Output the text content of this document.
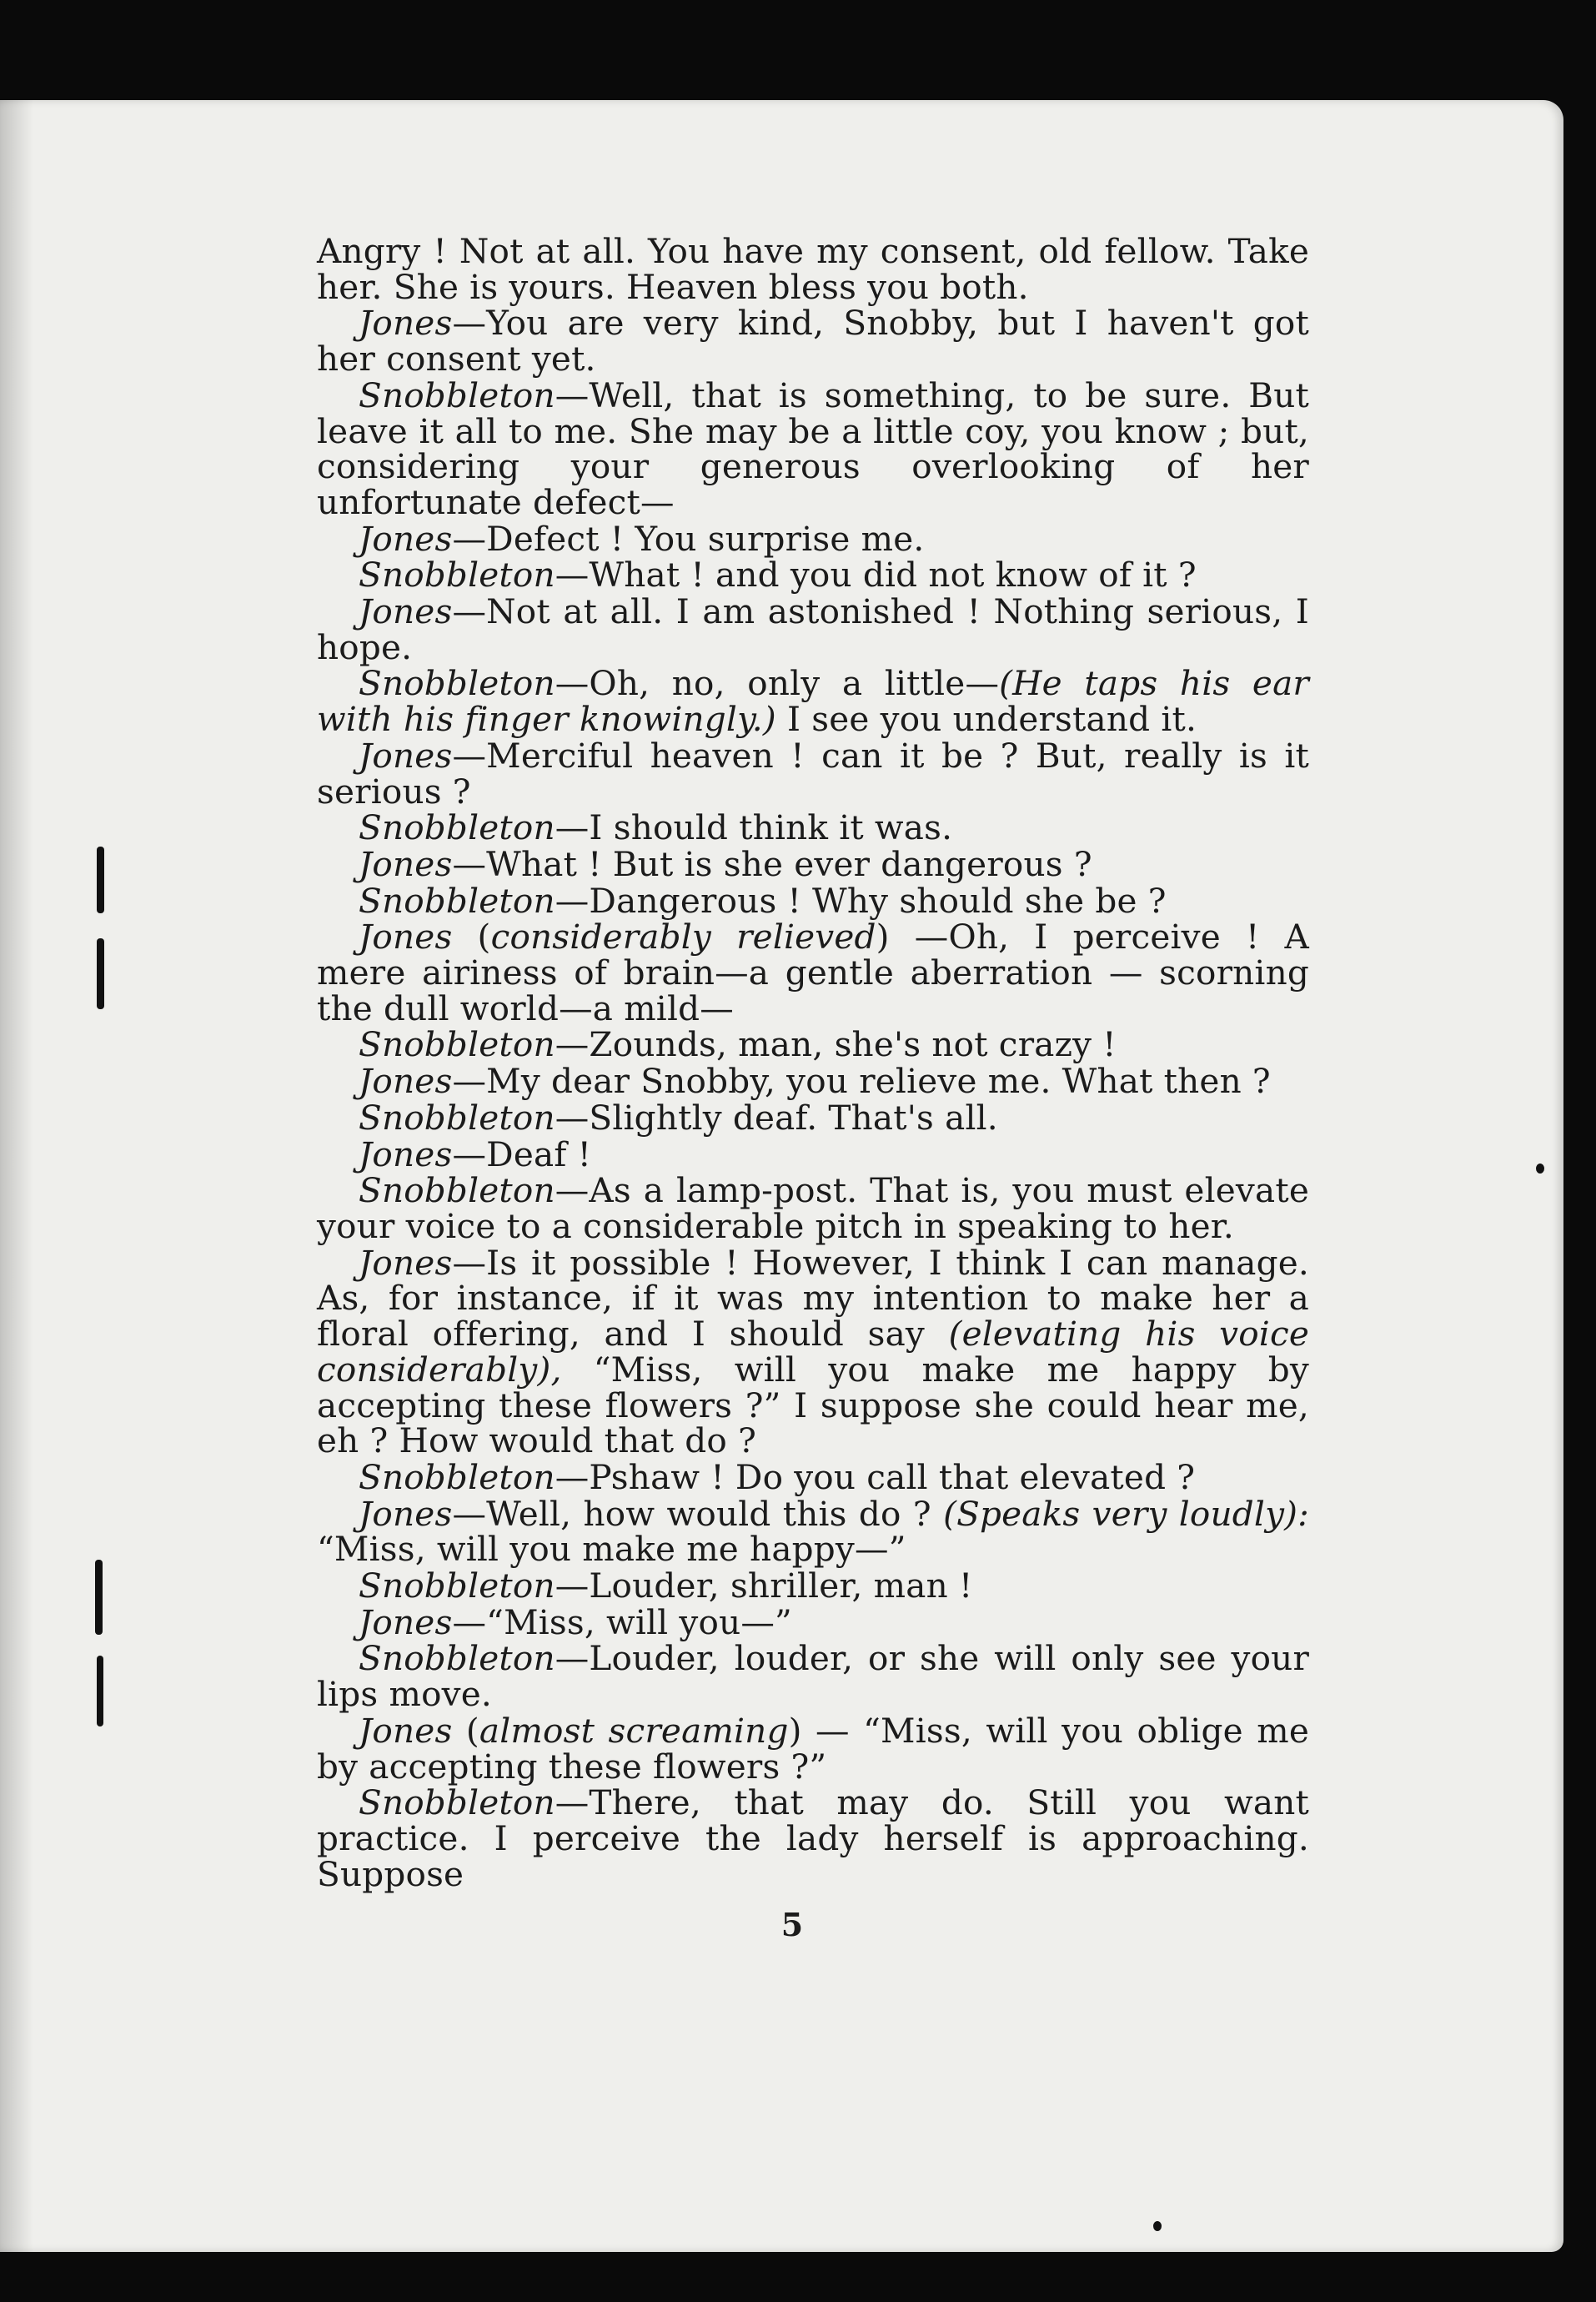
Angry ! Not at all. You have my consent, old fellow. Take her. She is yours. Heaven bless you both.

Jones—You are very kind, Snobby, but I haven't got her consent yet.

Snobbleton—Well, that is something, to be sure. But leave it all to me. She may be a little coy, you know ; but, considering your generous overlooking of her unfortunate defect—

Jones—Defect ! You surprise me.

Snobbleton—What ! and you did not know of it ?

Jones—Not at all. I am astonished ! Nothing serious, I hope.

Snobbleton—Oh, no, only a little—(He taps his ear with his finger knowingly.) I see you understand it.

Jones—Merciful heaven ! can it be ? But, really is it serious ?

Snobbleton—I should think it was.

Jones—What ! But is she ever dangerous ?

Snobbleton—Dangerous ! Why should she be ?

Jones (considerably relieved) —Oh, I perceive ! A mere airiness of brain—a gentle aberration — scorning the dull world—a mild—

Snobbleton—Zounds, man, she's not crazy !

Jones—My dear Snobby, you relieve me. What then ?

Snobbleton—Slightly deaf. That's all.

Jones—Deaf !

Snobbleton—As a lamp-post. That is, you must elevate your voice to a considerable pitch in speaking to her.

Jones—Is it possible ! However, I think I can manage. As, for instance, if it was my intention to make her a floral offering, and I should say (elevating his voice considerably), “Miss, will you make me happy by accepting these flowers ?” I suppose she could hear me, eh ? How would that do ?

Snobbleton—Pshaw ! Do you call that elevated ?

Jones—Well, how would this do ? (Speaks very loudly): “Miss, will you make me happy—”

Snobbleton—Louder, shriller, man !

Jones—“Miss, will you—”

Snobbleton—Louder, louder, or she will only see your lips move.

Jones (almost screaming) — “Miss, will you oblige me by accepting these flowers ?”

Snobbleton—There, that may do. Still you want practice. I perceive the lady herself is approaching. Suppose

5
